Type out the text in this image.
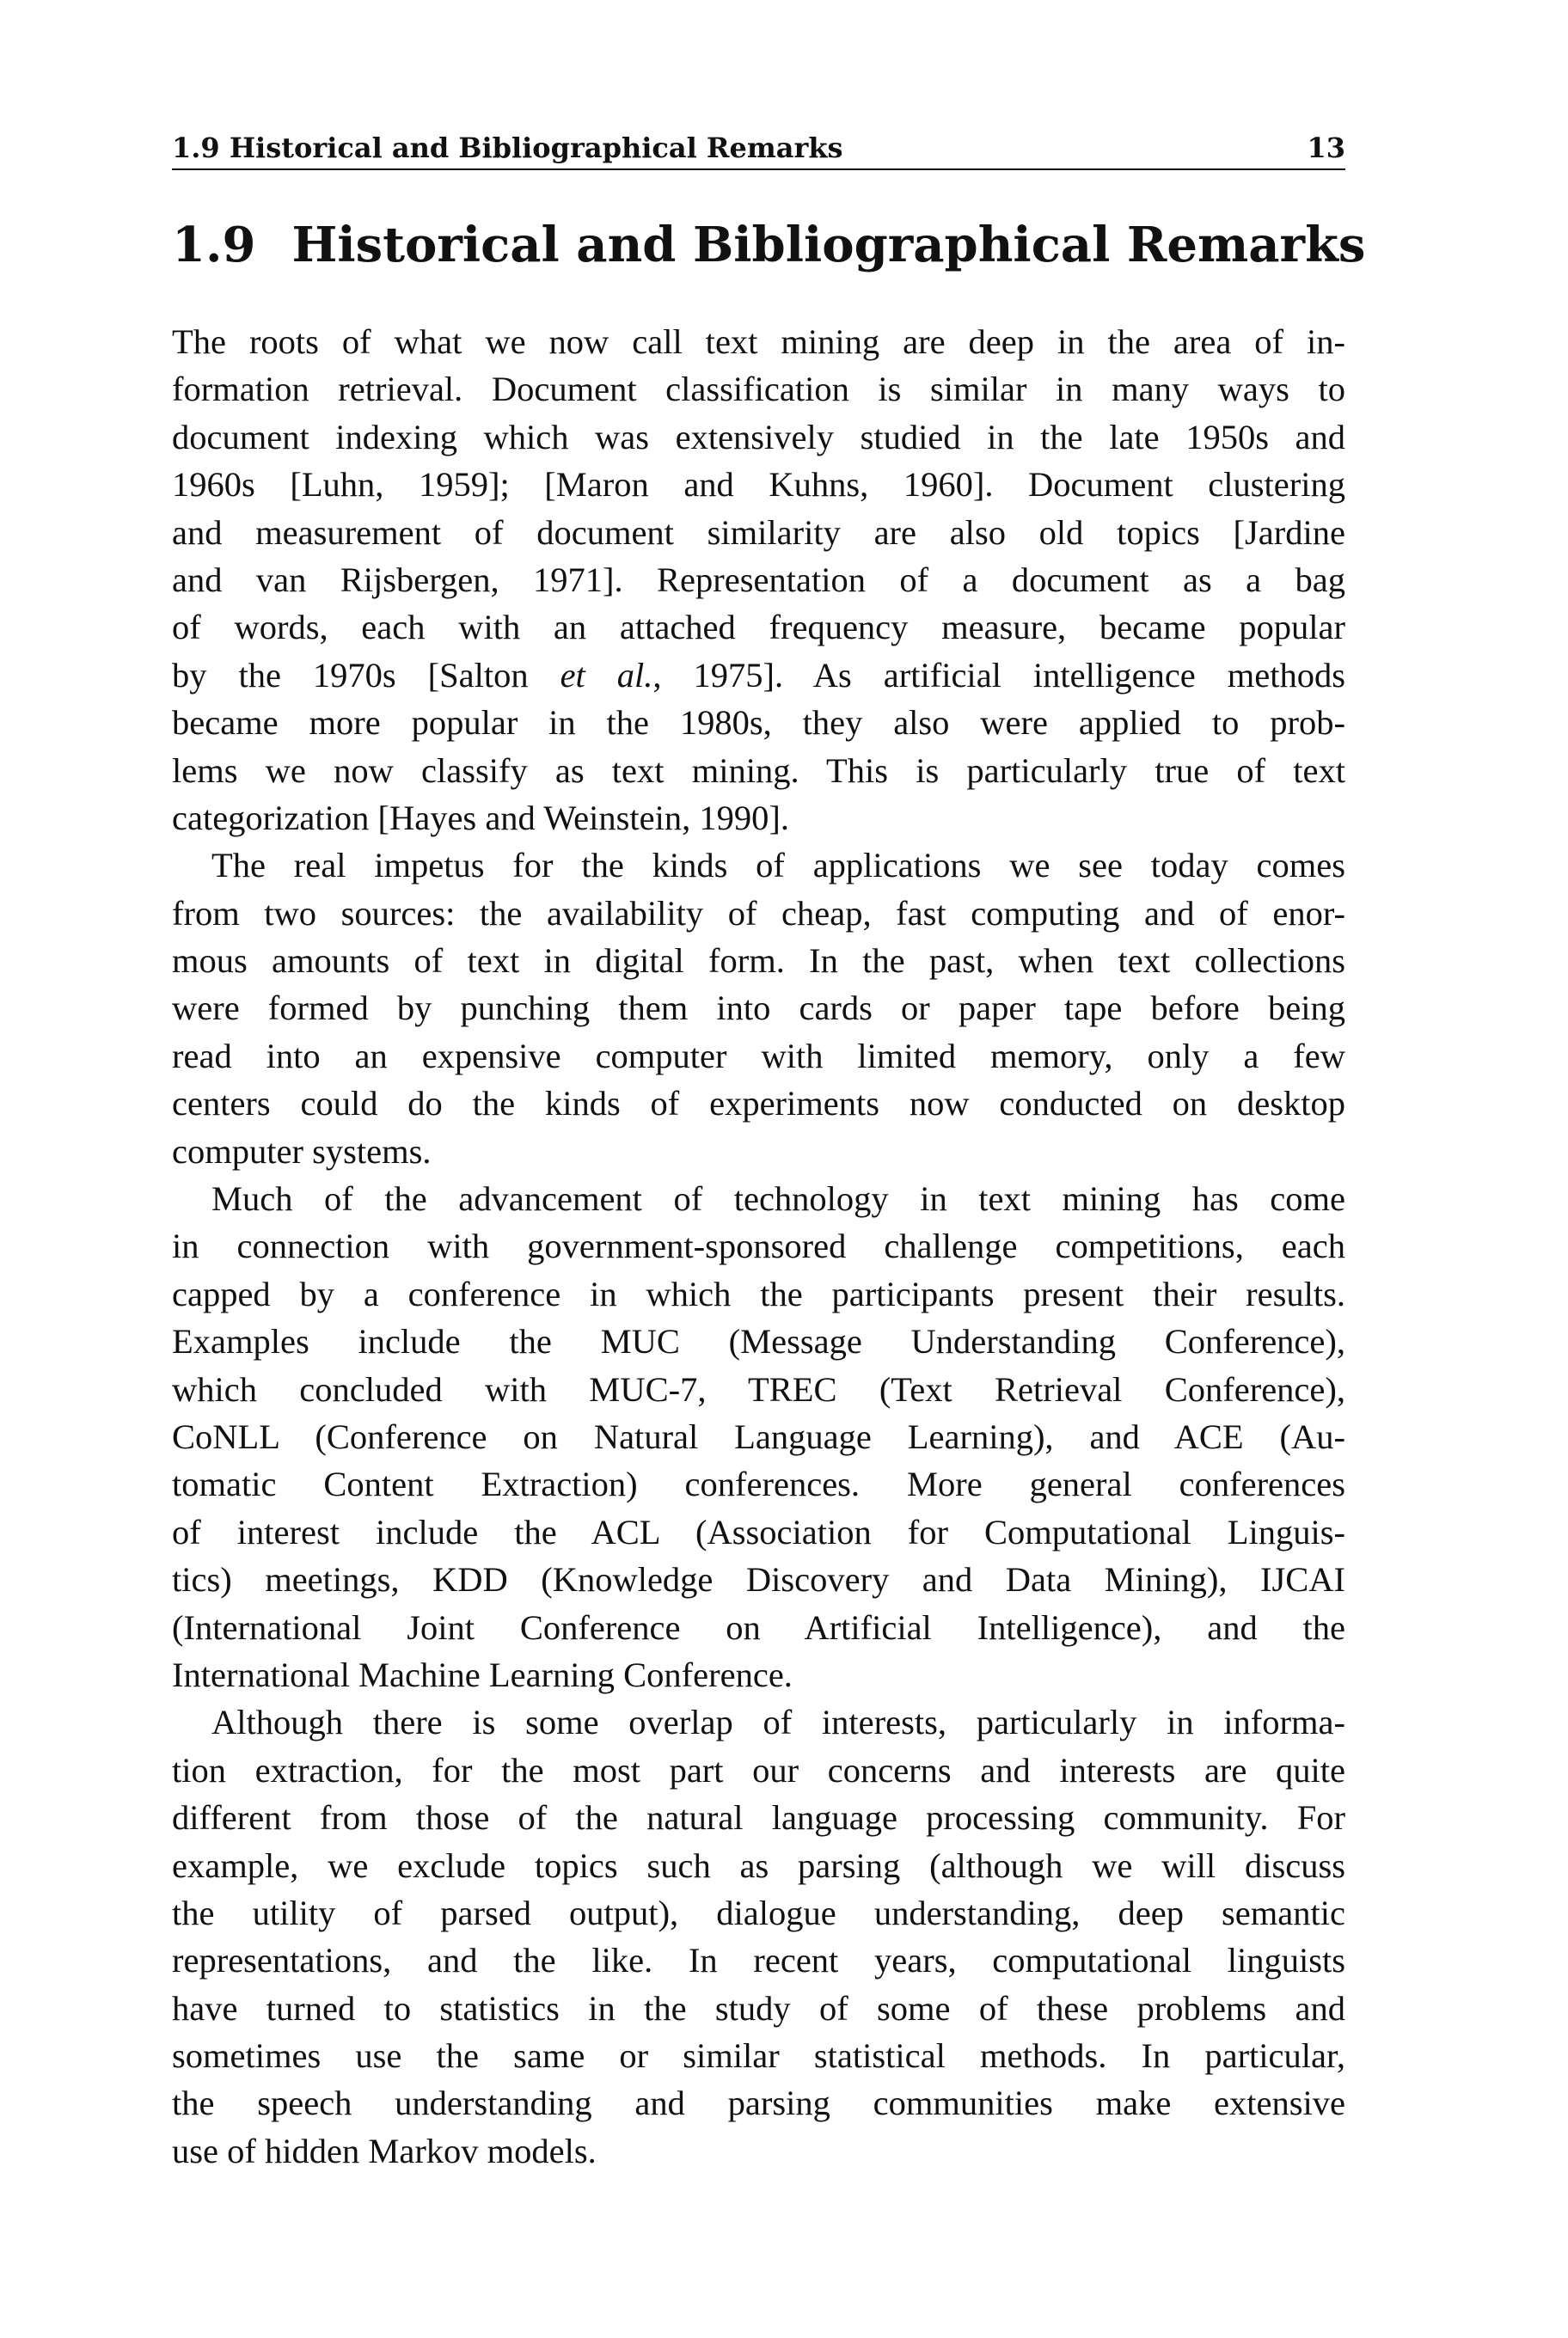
1.9 Historical and Bibliographical Remarks	13
1.9 Historical and Bibliographical Remarks
The roots of what we now call text mining are deep in the area of in-
formation retrieval. Document classification is similar in many ways to
document indexing which was extensively studied in the late 1950s and
1960s [Luhn, 1959]; [Maron and Kuhns, 1960]. Document clustering
and measurement of document similarity are also old topics [Jardine
and van Rijsbergen, 1971]. Representation of a document as a bag
of words, each with an attached frequency measure, became popular
by the 1970s [Salton et al., 1975]. As artificial intelligence methods
became more popular in the 1980s, they also were applied to prob-
lems we now classify as text mining. This is particularly true of text
categorization [Hayes and Weinstein, 1990].
The real impetus for the kinds of applications we see today comes
from two sources: the availability of cheap, fast computing and of enor-
mous amounts of text in digital form. In the past, when text collections
were formed by punching them into cards or paper tape before being
read into an expensive computer with limited memory, only a few
centers could do the kinds of experiments now conducted on desktop
computer systems.
Much of the advancement of technology in text mining has come
in connection with government-sponsored challenge competitions, each
capped by a conference in which the participants present their results.
Examples include the MUC (Message Understanding Conference),
which concluded with MUC-7, TREC (Text Retrieval Conference),
CoNLL (Conference on Natural Language Learning), and ACE (Au-
tomatic Content Extraction) conferences. More general conferences
of interest include the ACL (Association for Computational Linguis-
tics) meetings, KDD (Knowledge Discovery and Data Mining), IJCAI
(International Joint Conference on Artificial Intelligence), and the
International Machine Learning Conference.
Although there is some overlap of interests, particularly in informa-
tion extraction, for the most part our concerns and interests are quite
different from those of the natural language processing community. For
example, we exclude topics such as parsing (although we will discuss
the utility of parsed output), dialogue understanding, deep semantic
representations, and the like. In recent years, computational linguists
have turned to statistics in the study of some of these problems and
sometimes use the same or similar statistical methods. In particular,
the speech understanding and parsing communities make extensive
use of hidden Markov models.
